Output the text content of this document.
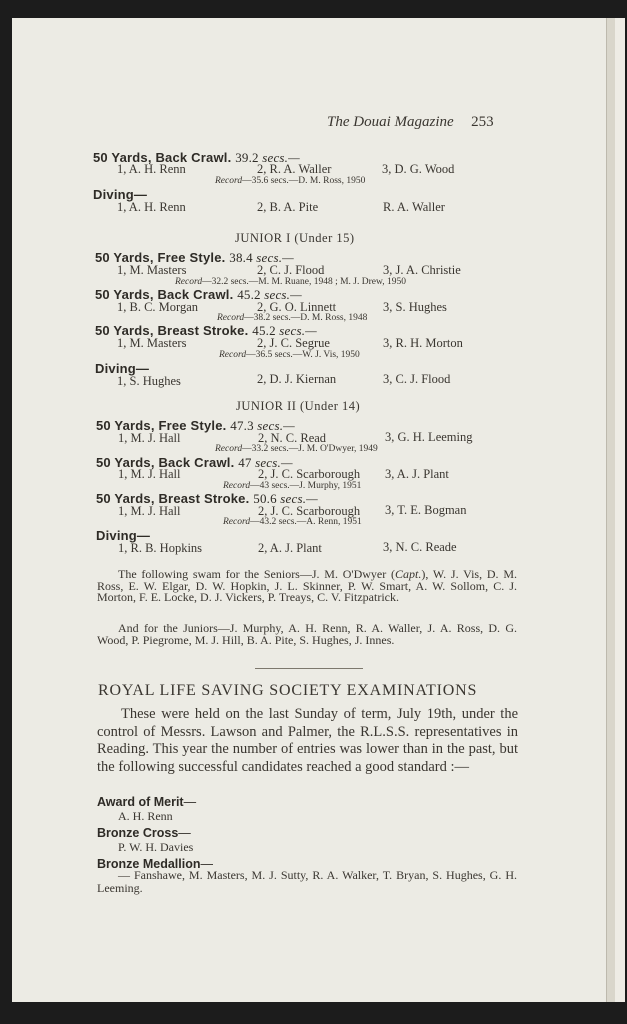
The Douai Magazine 253
50 Yards, Back Crawl. 39.2 secs.—
1, A. H. Renn	2, R. A. Waller	3, D. G. Wood
Record—35.6 secs.—D. M. Ross, 1950
Diving—
1, A. H. Renn	2, B. A. Pite	R. A. Waller
JUNIOR I (Under 15)
50 Yards, Free Style. 38.4 secs.—
1, M. Masters	2, C. J. Flood	3, J. A. Christie
Record—32.2 secs.—M. M. Ruane, 1948 ; M. J. Drew, 1950
50 Yards, Back Crawl. 45.2 secs.—
1, B. C. Morgan	2, G. O. Linnett	3, S. Hughes
Record—38.2 secs.—D. M. Ross, 1948
50 Yards, Breast Stroke. 45.2 secs.—
1, M. Masters	2, J. C. Segrue	3, R. H. Morton
Record—36.5 secs.—W. J. Vis, 1950
Diving—
1, S. Hughes	2, D. J. Kiernan	3, C. J. Flood
JUNIOR II (Under 14)
50 Yards, Free Style. 47.3 secs.—
1, M. J. Hall	2, N. C. Read	3, G. H. Leeming
Record—33.2 secs.—J. M. O'Dwyer, 1949
50 Yards, Back Crawl. 47 secs.—
1, M. J. Hall	2, J. C. Scarborough 3, A. J. Plant
Record—43 secs.—J. Murphy, 1951
50 Yards, Breast Stroke. 50.6 secs.—
1, M. J. Hall	2, J. C. Scarborough 3, T. E. Bogman
Record—43.2 secs.—A. Renn, 1951
Diving—
1, R. B. Hopkins	2, A. J. Plant	3, N. C. Reade
The following swam for the Seniors—J. M. O'Dwyer (Capt.), W. J. Vis, D. M. Ross, E. W. Elgar, D. W. Hopkin, J. L. Skinner, P. W. Smart, A. W. Sollom, C. J. Morton, F. E. Locke, D. J. Vickers, P. Treays, C. V. Fitzpatrick.
And for the Juniors—J. Murphy, A. H. Renn, R. A. Waller, J. A. Ross, D. G. Wood, P. Piegrome, M. J. Hill, B. A. Pite, S. Hughes, J. Innes.
ROYAL LIFE SAVING SOCIETY EXAMINATIONS
These were held on the last Sunday of term, July 19th, under the control of Messrs. Lawson and Palmer, the R.L.S.S. representatives in Reading. This year the number of entries was lower than in the past, but the following successful candidates reached a good standard :—
Award of Merit—
A. H. Renn
Bronze Cross—
P. W. H. Davies
Bronze Medallion—
— Fanshawe, M. Masters, M. J. Sutty, R. A. Walker, T. Bryan, S. Hughes, G. H. Leeming.
